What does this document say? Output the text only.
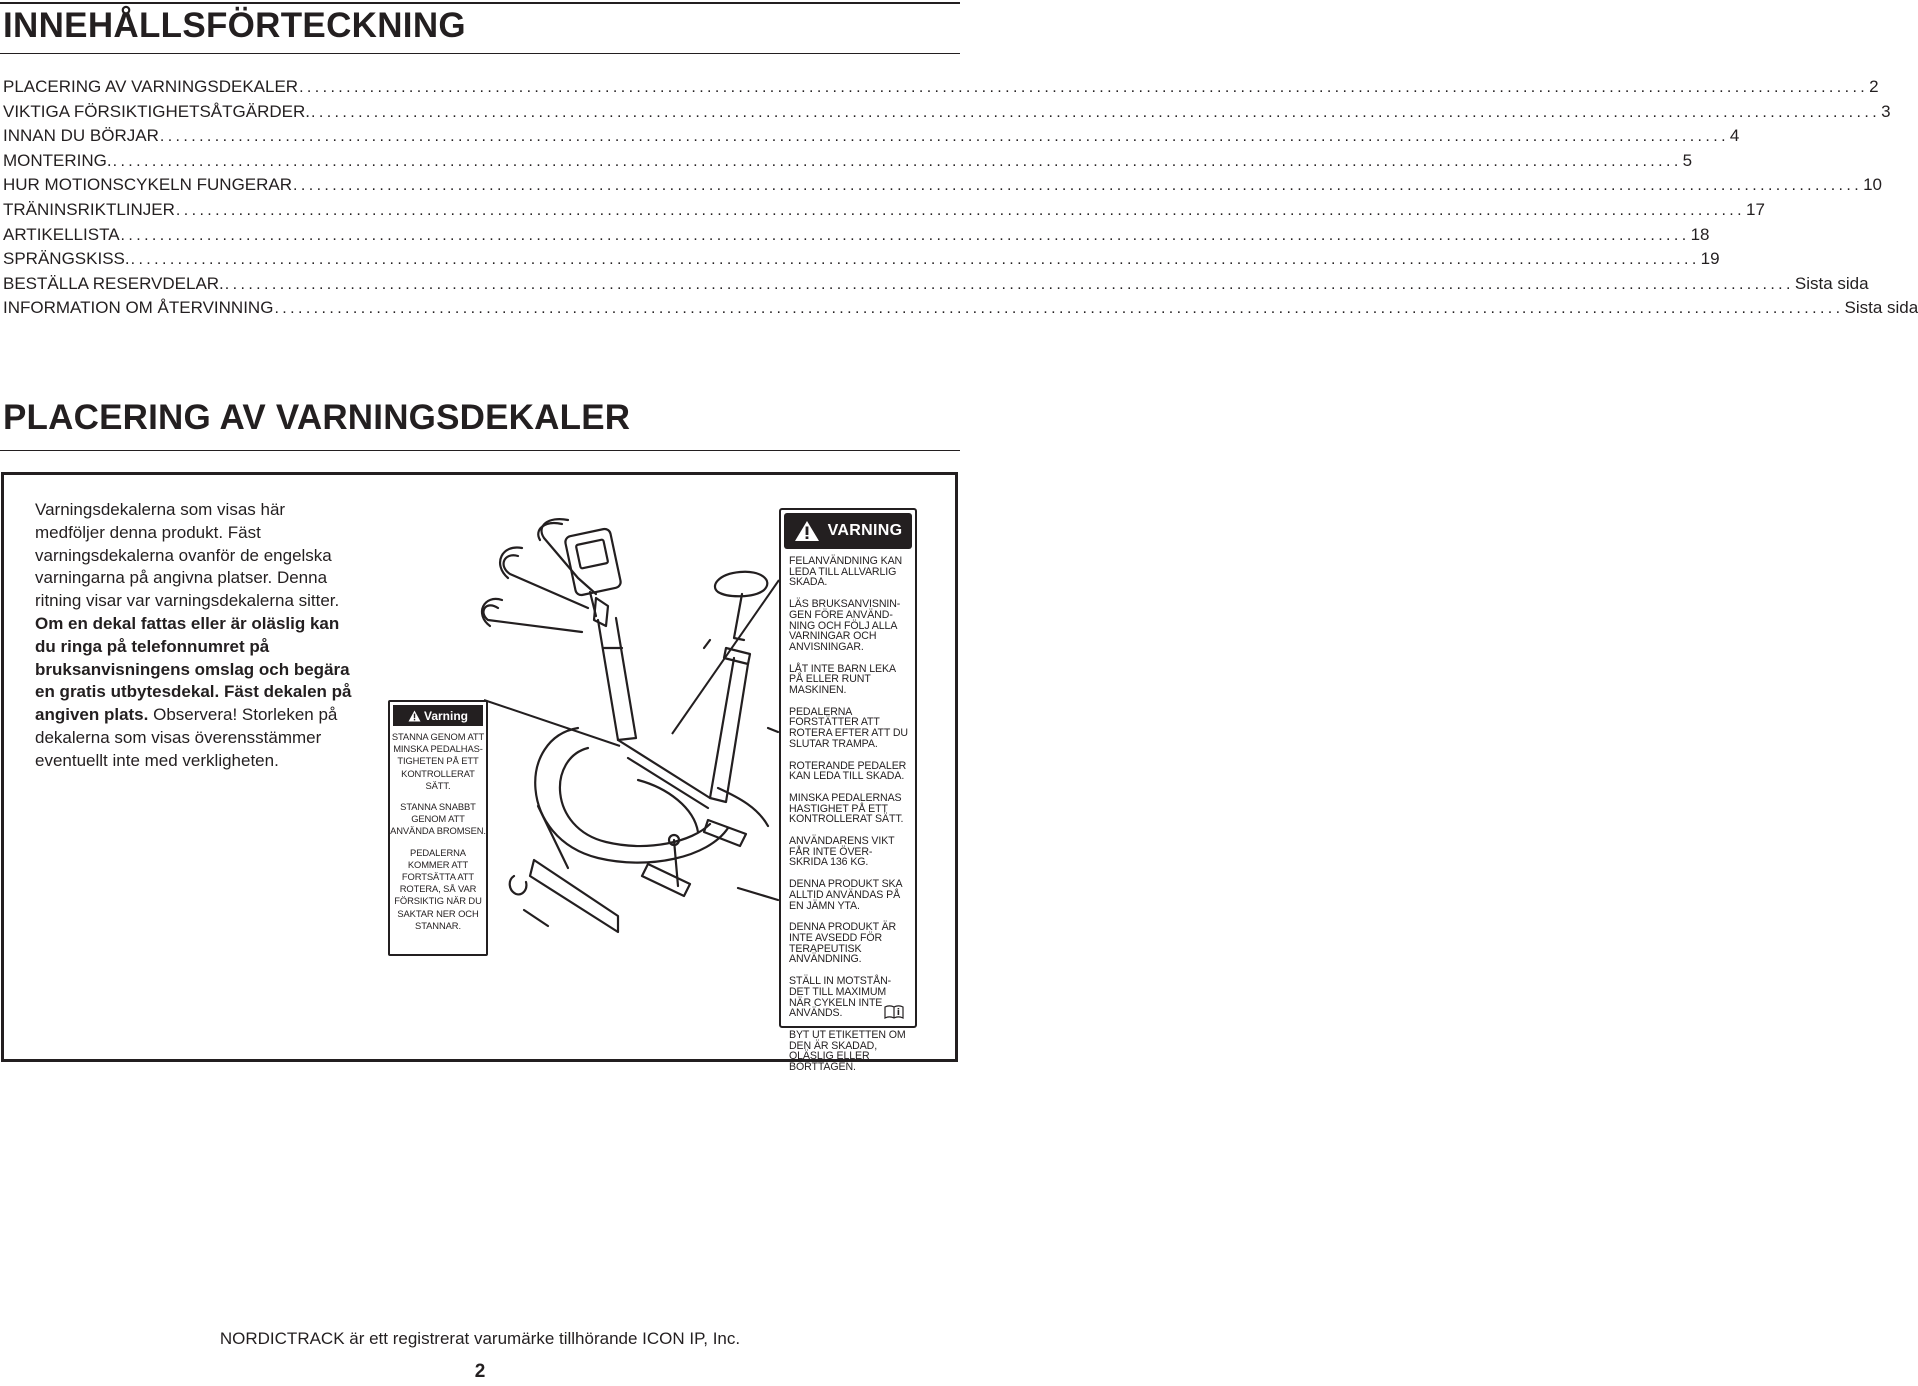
INNEHÅLLSFÖRTECKNING
PLACERING AV VARNINGSDEKALER ........................................................................................................................................................................................................ 2
VIKTIGA FÖRSIKTIGHETSÅTGÄRDER. ........................................................................................................................................................................................................ 3
INNAN DU BÖRJAR ........................................................................................................................................................................................................ 4
MONTERING. ........................................................................................................................................................................................................ 5
HUR MOTIONSCYKELN FUNGERAR ........................................................................................................................................................................................................ 10
TRÄNINSRIKTLINJER ........................................................................................................................................................................................................ 17
ARTIKELLISTA ........................................................................................................................................................................................................ 18
SPRÄNGSKISS. ........................................................................................................................................................................................................ 19
BESTÄLLA RESERVDELAR. ........................................................................................................................................................................................................ Sista sida
INFORMATION OM ÅTERVINNING ........................................................................................................................................................................................................ Sista sida
PLACERING AV VARNINGSDEKALER
Varningsdekalerna som visas här medföljer denna produkt. Fäst varningsdekalerna ovanför de engelska varningarna på angivna platser. Denna ritning visar var varningsdekalerna sitter. Om en dekal fattas eller är oläslig kan du ringa på telefonnumret på bruksanvisningens omslag och begära en gratis utbytesdekal. Fäst dekalen på angiven plats. Observera! Storleken på dekalerna som visas överensstämmer eventuellt inte med verkligheten.
Varning
STANNA GENOM ATT MINSKA PEDALHAS-TIGHETEN PÅ ETT KONTROLLERAT SÄTT.
STANNA SNABBT GENOM ATT ANVÄNDA BROMSEN.
PEDALERNA KOMMER ATT FORTSÄTTA ATT ROTERA, SÅ VAR FÖRSIKTIG NÄR DU SAKTAR NER OCH STANNAR.
VARNING
FELANVÄNDNING KAN LEDA TILL ALLVARLIG SKADA.
LÄS BRUKSANVISNIN-GEN FÖRE ANVÄND-NING OCH FÖLJ ALLA VARNINGAR OCH ANVISNINGAR.
LÅT INTE BARN LEKA PÅ ELLER RUNT MASKINEN.
PEDALERNA FORSTÄTTER ATT ROTERA EFTER ATT DU SLUTAR TRAMPA.
ROTERANDE PEDALER KAN LEDA TILL SKADA.
MINSKA PEDALERNAS HASTIGHET PÅ ETT KONTROLLERAT SÄTT.
ANVÄNDARENS VIKT FÅR INTE ÖVER-SKRIDA 136 KG.
DENNA PRODUKT SKA ALLTID ANVÄNDAS PÅ EN JÄMN YTA.
DENNA PRODUKT ÄR INTE AVSEDD FÖR TERAPEUTISK ANVÄNDNING.
STÄLL IN MOTSTÅN-DET TILL MAXIMUM NÄR CYKELN INTE ANVÄNDS.
BYT UT ETIKETTEN OM DEN ÄR SKADAD, OLÄSLIG ELLER BORTTAGEN.
NORDICTRACK är ett registrerat varumärke tillhörande ICON IP, Inc.
2
